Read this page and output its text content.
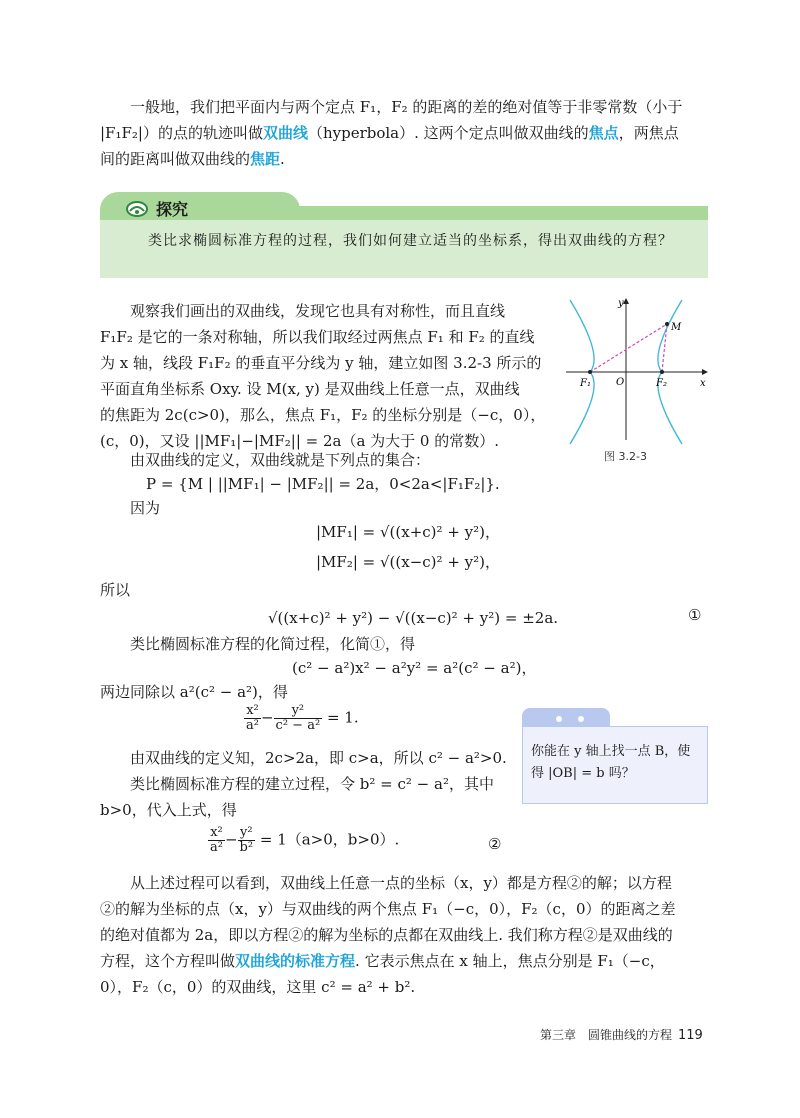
一般地，我们把平面内与两个定点 F₁，F₂ 的距离的差的绝对值等于非零常数（小于
|F₁F₂|）的点的轨迹叫做双曲线（hyperbola）. 这两个定点叫做双曲线的焦点，两焦点
间的距离叫做双曲线的焦距.
探究
类比求椭圆标准方程的过程，我们如何建立适当的坐标系，得出双曲线的方程？
观察我们画出的双曲线，发现它也具有对称性，而且直线
F₁F₂ 是它的一条对称轴，所以我们取经过两焦点 F₁ 和 F₂ 的直线
为 x 轴，线段 F₁F₂ 的垂直平分线为 y 轴，建立如图 3.2-3 所示的
平面直角坐标系 Oxy. 设 M(x, y) 是双曲线上任意一点，双曲线
的焦距为 2c(c>0)，那么，焦点 F₁，F₂ 的坐标分别是（−c，0），
(c，0)，又设 ||MF₁|−|MF₂|| = 2a（a 为大于 0 的常数）.
y
x
O
F₁	F₂
M
图 3.2-3
由双曲线的定义，双曲线就是下列点的集合：
P = {M | ||MF₁| − |MF₂|| = 2a，0<2a<|F₁F₂|}.
因为
|MF₁| = √((x+c)² + y²)，
|MF₂| = √((x−c)² + y²)，
所以
√((x+c)² + y²) − √((x−c)² + y²) = ±2a.	①
类比椭圆标准方程的化简过程，化简①，得
(c² − a²)x² − a²y² = a²(c² − a²)，
两边同除以 a²(c² − a²)，得
$\frac{\text{x²}}{\text{a²}} - \frac{\text{y²}}{\text{c² − a²}} = 1$.
由双曲线的定义知，2c>2a，即 c>a，所以 c² − a²>0.
类比椭圆标准方程的建立过程，令 b² = c² − a²，其中
b>0，代入上式，得
$\frac{\text{x²}}{\text{a²}} - \frac{\text{y²}}{\text{b²}} = 1(a>0$，b>0）.	②
你能在 y 轴上找一点 B，使得 |OB| = b 吗？
从上述过程可以看到，双曲线上任意一点的坐标（x，y）都是方程②的解；以方程
②的解为坐标的点（x，y）与双曲线的两个焦点 F₁（−c，0），F₂（c，0）的距离之差
的绝对值都为 2a，即以方程②的解为坐标的点都在双曲线上. 我们称方程②是双曲线的
方程，这个方程叫做双曲线的标准方程. 它表示焦点在 x 轴上，焦点分别是 F₁（−c，
0），F₂（c，0）的双曲线，这里 c² = a² + b².
第三章　圆锥曲线的方程 119
